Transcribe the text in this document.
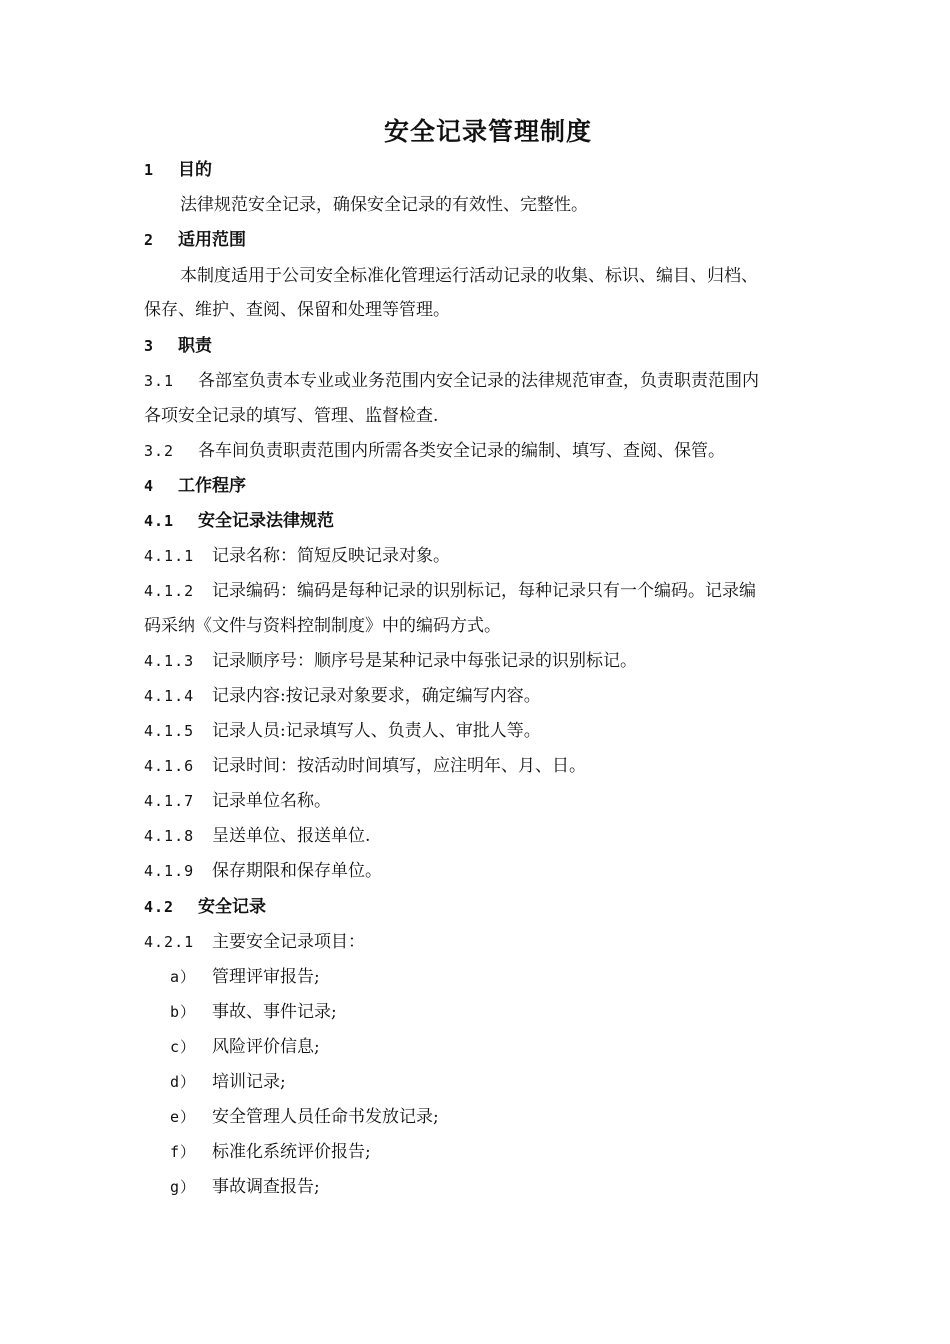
安全记录管理制度
1 目的
法律规范安全记录，确保安全记录的有效性、完整性。
2 适用范围
本制度适用于公司安全标准化管理运行活动记录的收集、标识、编目、归档、
保存、维护、查阅、保留和处理等管理。
3 职责
3.1 各部室负责本专业或业务范围内安全记录的法律规范审查，负责职责范围内
各项安全记录的填写、管理、监督检查.
3.2 各车间负责职责范围内所需各类安全记录的编制、填写、查阅、保管。
4 工作程序
4.1 安全记录法律规范
4.1.1 记录名称：简短反映记录对象。
4.1.2 记录编码：编码是每种记录的识别标记，每种记录只有一个编码。记录编
码采纳《文件与资料控制制度》中的编码方式。
4.1.3 记录顺序号：顺序号是某种记录中每张记录的识别标记。
4.1.4 记录内容:按记录对象要求，确定编写内容。
4.1.5 记录人员:记录填写人、负责人、审批人等。
4.1.6 记录时间：按活动时间填写，应注明年、月、日。
4.1.7 记录单位名称。
4.1.8 呈送单位、报送单位.
4.1.9 保存期限和保存单位。
4.2 安全记录
4.2.1 主要安全记录项目：
a） 管理评审报告;
b） 事故、事件记录;
c） 风险评价信息;
d） 培训记录;
e） 安全管理人员任命书发放记录;
f） 标准化系统评价报告;
g） 事故调查报告;
